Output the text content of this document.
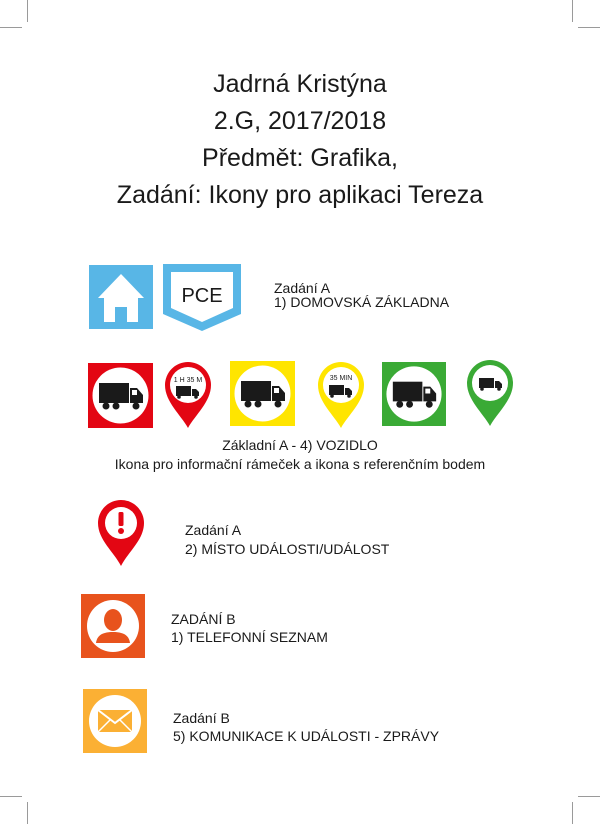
Jadrná Kristýna
2.G, 2017/2018
Předmět: Grafika,
Zadání: Ikony pro aplikaci Tereza
PCE	Zadání A
1) DOMOVSKÁ ZÁKLADNA
1 H 35 M	35 MIN
Základní A - 4) VOZIDLO
Ikona pro informační rámeček a ikona s referenčním bodem
Zadání A
2) MÍSTO UDÁLOSTI/UDÁLOST
ZADÁNÍ B
1) TELEFONNÍ SEZNAM
Zadání B
5) KOMUNIKACE K UDÁLOSTI - ZPRÁVY
